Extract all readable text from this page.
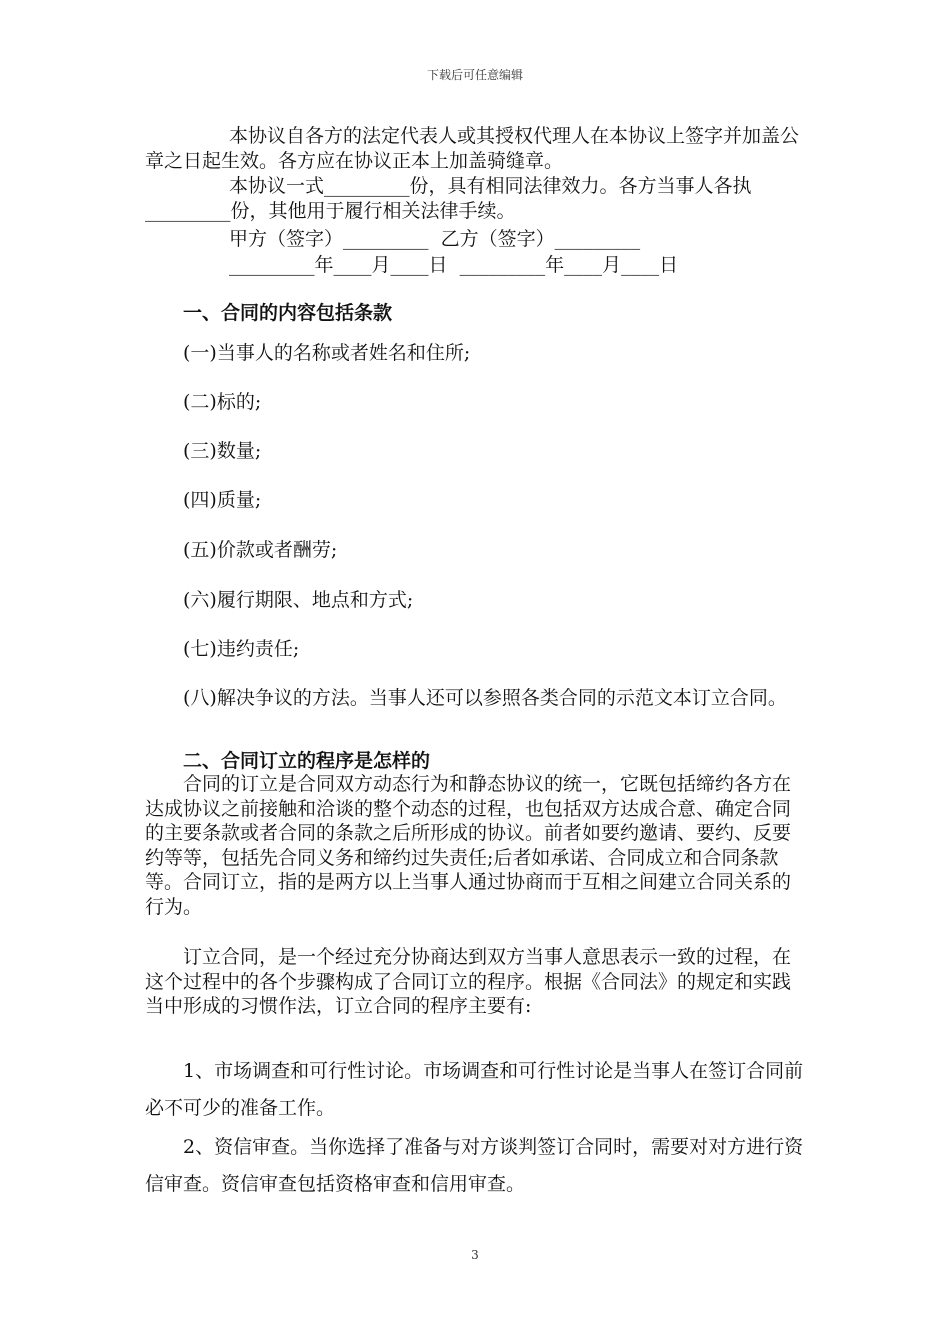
下载后可任意编辑

本协议自各方的法定代表人或其授权代理人在本协议上签字并加盖公章之日起生效。各方应在协议正本上加盖骑缝章。

本协议一式_________份，具有相同法律效力。各方当事人各执_________份，其他用于履行相关法律手续。

甲方（签字）_________  乙方（签字）_________

_________年____月____日  _________年____月____日

一、合同的内容包括条款

(一)当事人的名称或者姓名和住所;

(二)标的;

(三)数量;

(四)质量;

(五)价款或者酬劳;

(六)履行期限、地点和方式;

(七)违约责任;

(八)解决争议的方法。当事人还可以参照各类合同的示范文本订立合同。

二、合同订立的程序是怎样的

合同的订立是合同双方动态行为和静态协议的统一，它既包括缔约各方在达成协议之前接触和洽谈的整个动态的过程，也包括双方达成合意、确定合同的主要条款或者合同的条款之后所形成的协议。前者如要约邀请、要约、反要约等等，包括先合同义务和缔约过失责任;后者如承诺、合同成立和合同条款等。合同订立，指的是两方以上当事人通过协商而于互相之间建立合同关系的行为。

订立合同，是一个经过充分协商达到双方当事人意思表示一致的过程，在这个过程中的各个步骤构成了合同订立的程序。根据《合同法》的规定和实践当中形成的习惯作法，订立合同的程序主要有:

1、市场调查和可行性讨论。市场调查和可行性讨论是当事人在签订合同前必不可少的准备工作。

2、资信审查。当你选择了准备与对方谈判签订合同时，需要对对方进行资信审查。资信审查包括资格审查和信用审查。

3
